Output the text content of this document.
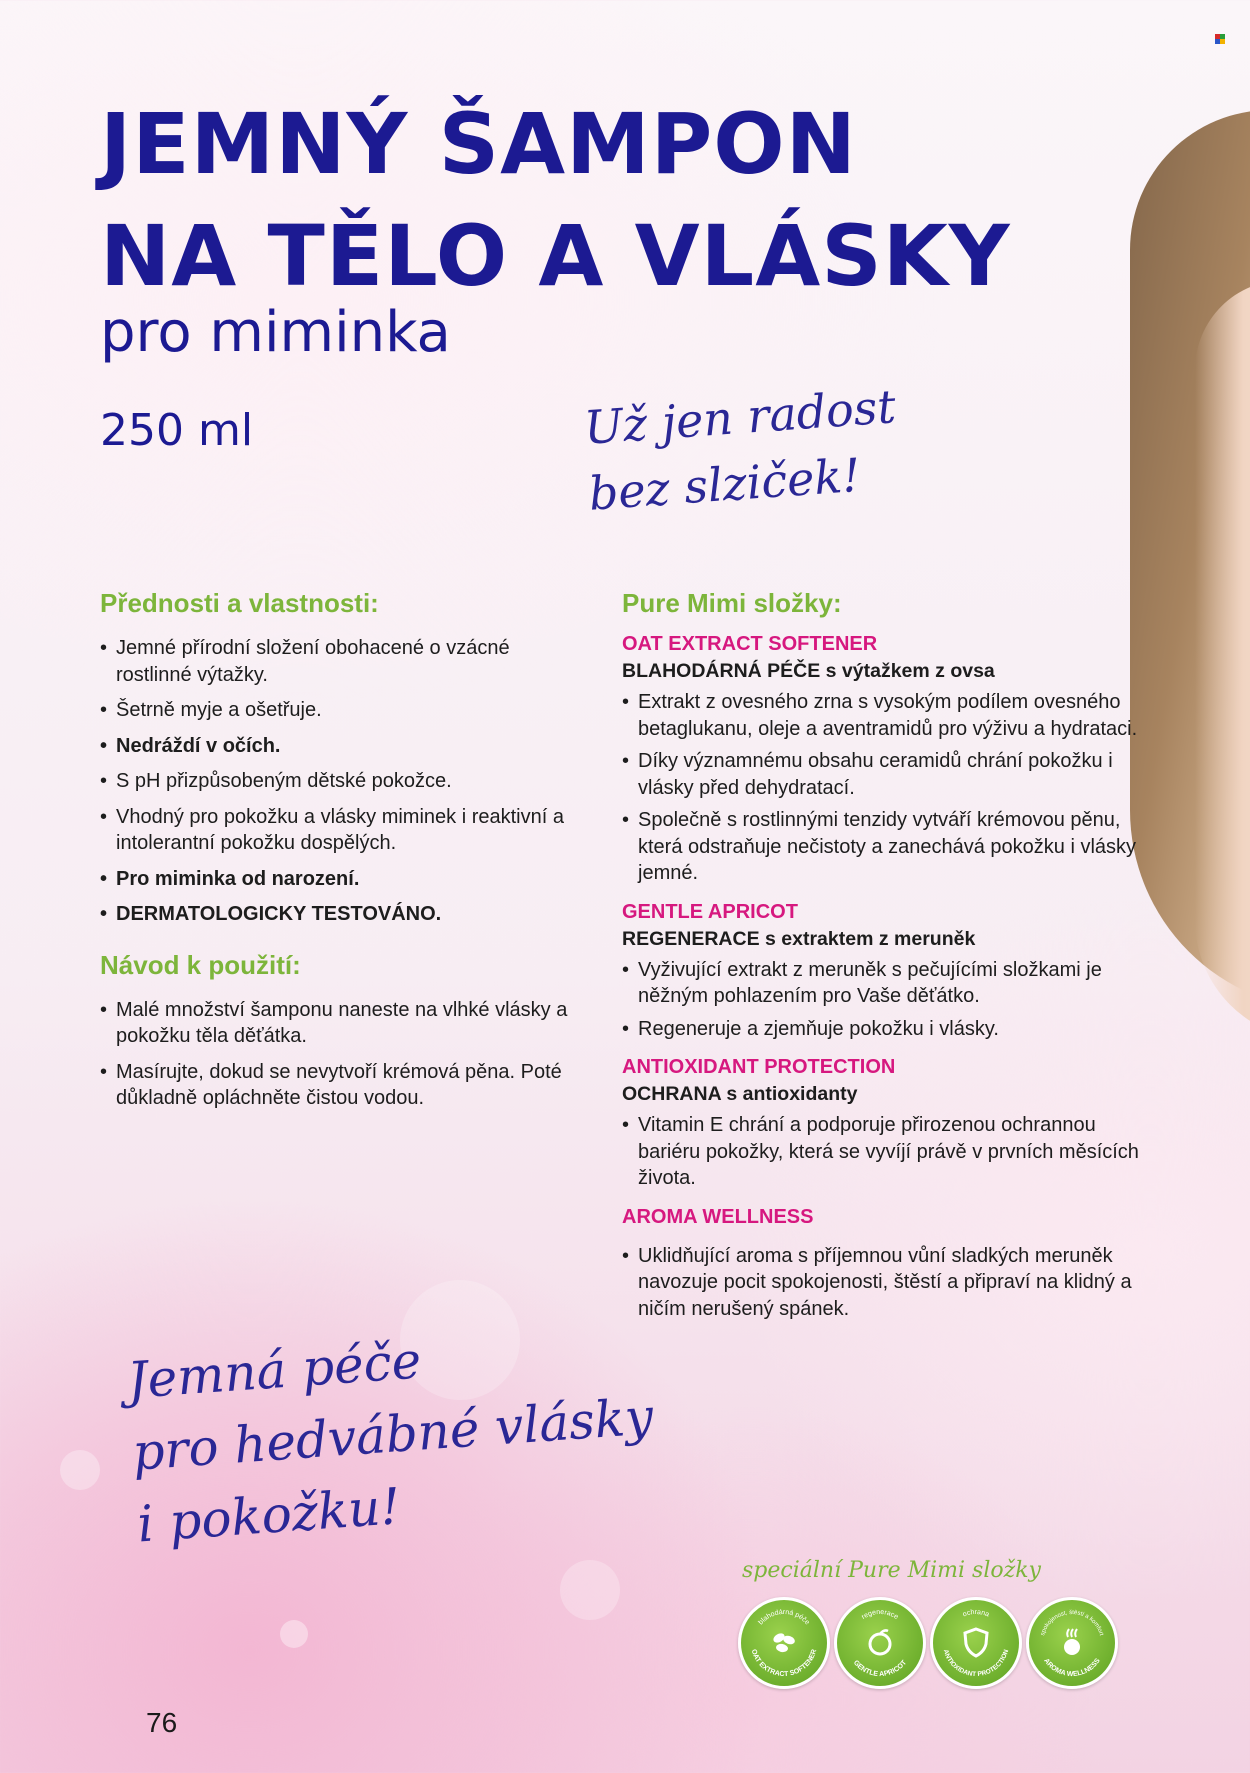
JEMNÝ ŠAMPON
NA TĚLO A VLÁSKY
pro miminka
250 ml	Už jen radost
bez slziček!
Přednosti a vlastnosti:
• Jemné přírodní složení obohacené o vzácné rostlinné výtažky.
• Šetrně myje a ošetřuje.
• Nedráždí v očích.
• S pH přizpůsobeným dětské pokožce.
• Vhodný pro pokožku a vlásky miminek i reaktivní a intolerantní pokožku dospělých.
• Pro miminka od narození.
• DERMATOLOGICKY TESTOVÁNO.
Návod k použití:
• Malé množství šamponu naneste na vlhké vlásky a pokožku těla děťátka.
• Masírujte, dokud se nevytvoří krémová pěna. Poté důkladně opláchněte čistou vodou.
Pure Mimi složky:
OAT EXTRACT SOFTENER
BLAHODÁRNÁ PÉČE s výtažkem z ovsa
• Extrakt z ovesného zrna s vysokým podílem ovesného betaglukanu, oleje a aventramidů pro výživu a hydrataci.
• Díky významnému obsahu ceramidů chrání pokožku i vlásky před dehydratací.
• Společně s rostlinnými tenzidy vytváří krémovou pěnu, která odstraňuje nečistoty a zanechává pokožku i vlásky jemné.
GENTLE APRICOT
REGENERACE s extraktem z meruněk
• Vyživující extrakt z meruněk s pečujícími složkami je něžným pohlazením pro Vaše děťátko.
• Regeneruje a zjemňuje pokožku i vlásky.
ANTIOXIDANT PROTECTION
OCHRANA s antioxidanty
• Vitamin E chrání a podporuje přirozenou ochrannou bariéru pokožky, která se vyvíjí právě v prvních měsících života.
AROMA WELLNESS
• Uklidňující aroma s příjemnou vůní sladkých meruněk navozuje pocit spokojenosti, štěstí a připraví na klidný a ničím nerušený spánek.
Jemná péče
pro hedvábné vlásky
i pokožku!
speciální Pure Mimi složky
blahodárná péče
OAT EXTRACT SOFTENER
regenerace
GENTLE APRICOT
ochrana
ANTIOXIDANT PROTECTION
spokojenost, štěstí a komfort
AROMA WELLNESS
76
